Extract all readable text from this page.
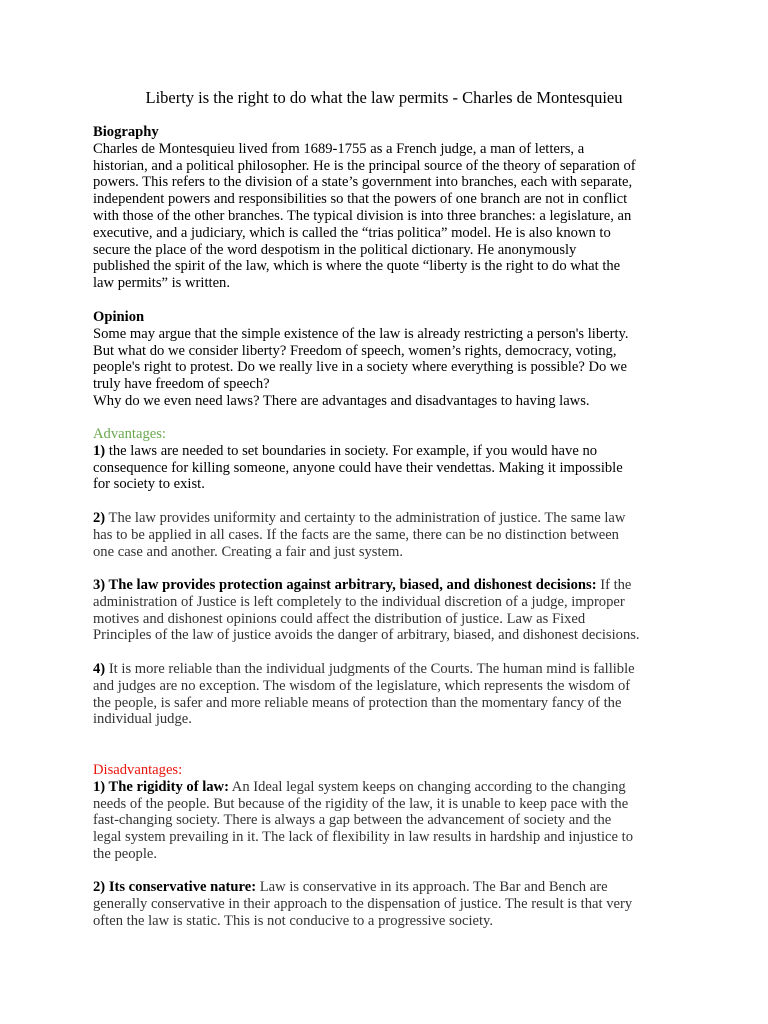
Liberty is the right to do what the law permits - Charles de Montesquieu

Biography

Charles de Montesquieu lived from 1689-1755 as a French judge, a man of letters, a

historian, and a political philosopher. He is the principal source of the theory of separation of

powers. This refers to the division of a state’s government into branches, each with separate,

independent powers and responsibilities so that the powers of one branch are not in conflict

with those of the other branches. The typical division is into three branches: a legislature, an

executive, and a judiciary, which is called the “trias politica” model. He is also known to

secure the place of the word despotism in the political dictionary. He anonymously

published the spirit of the law, which is where the quote “liberty is the right to do what the

law permits” is written.

Opinion

Some may argue that the simple existence of the law is already restricting a person's liberty.

But what do we consider liberty? Freedom of speech, women’s rights, democracy, voting,

people's right to protest. Do we really live in a society where everything is possible? Do we

truly have freedom of speech?

Why do we even need laws? There are advantages and disadvantages to having laws.

Advantages:

1) the laws are needed to set boundaries in society. For example, if you would have no

consequence for killing someone, anyone could have their vendettas. Making it impossible

for society to exist.

2) The law provides uniformity and certainty to the administration of justice. The same law

has to be applied in all cases. If the facts are the same, there can be no distinction between

one case and another. Creating a fair and just system.

3) The law provides protection against arbitrary, biased, and dishonest decisions: If the

administration of Justice is left completely to the individual discretion of a judge, improper

motives and dishonest opinions could affect the distribution of justice. Law as Fixed

Principles of the law of justice avoids the danger of arbitrary, biased, and dishonest decisions.

4) It is more reliable than the individual judgments of the Courts. The human mind is fallible

and judges are no exception. The wisdom of the legislature, which represents the wisdom of

the people, is safer and more reliable means of protection than the momentary fancy of the

individual judge.

Disadvantages:

1) The rigidity of law: An Ideal legal system keeps on changing according to the changing

needs of the people. But because of the rigidity of the law, it is unable to keep pace with the

fast-changing society. There is always a gap between the advancement of society and the

legal system prevailing in it. The lack of flexibility in law results in hardship and injustice to

the people.

2) Its conservative nature: Law is conservative in its approach. The Bar and Bench are

generally conservative in their approach to the dispensation of justice. The result is that very

often the law is static. This is not conducive to a progressive society.
